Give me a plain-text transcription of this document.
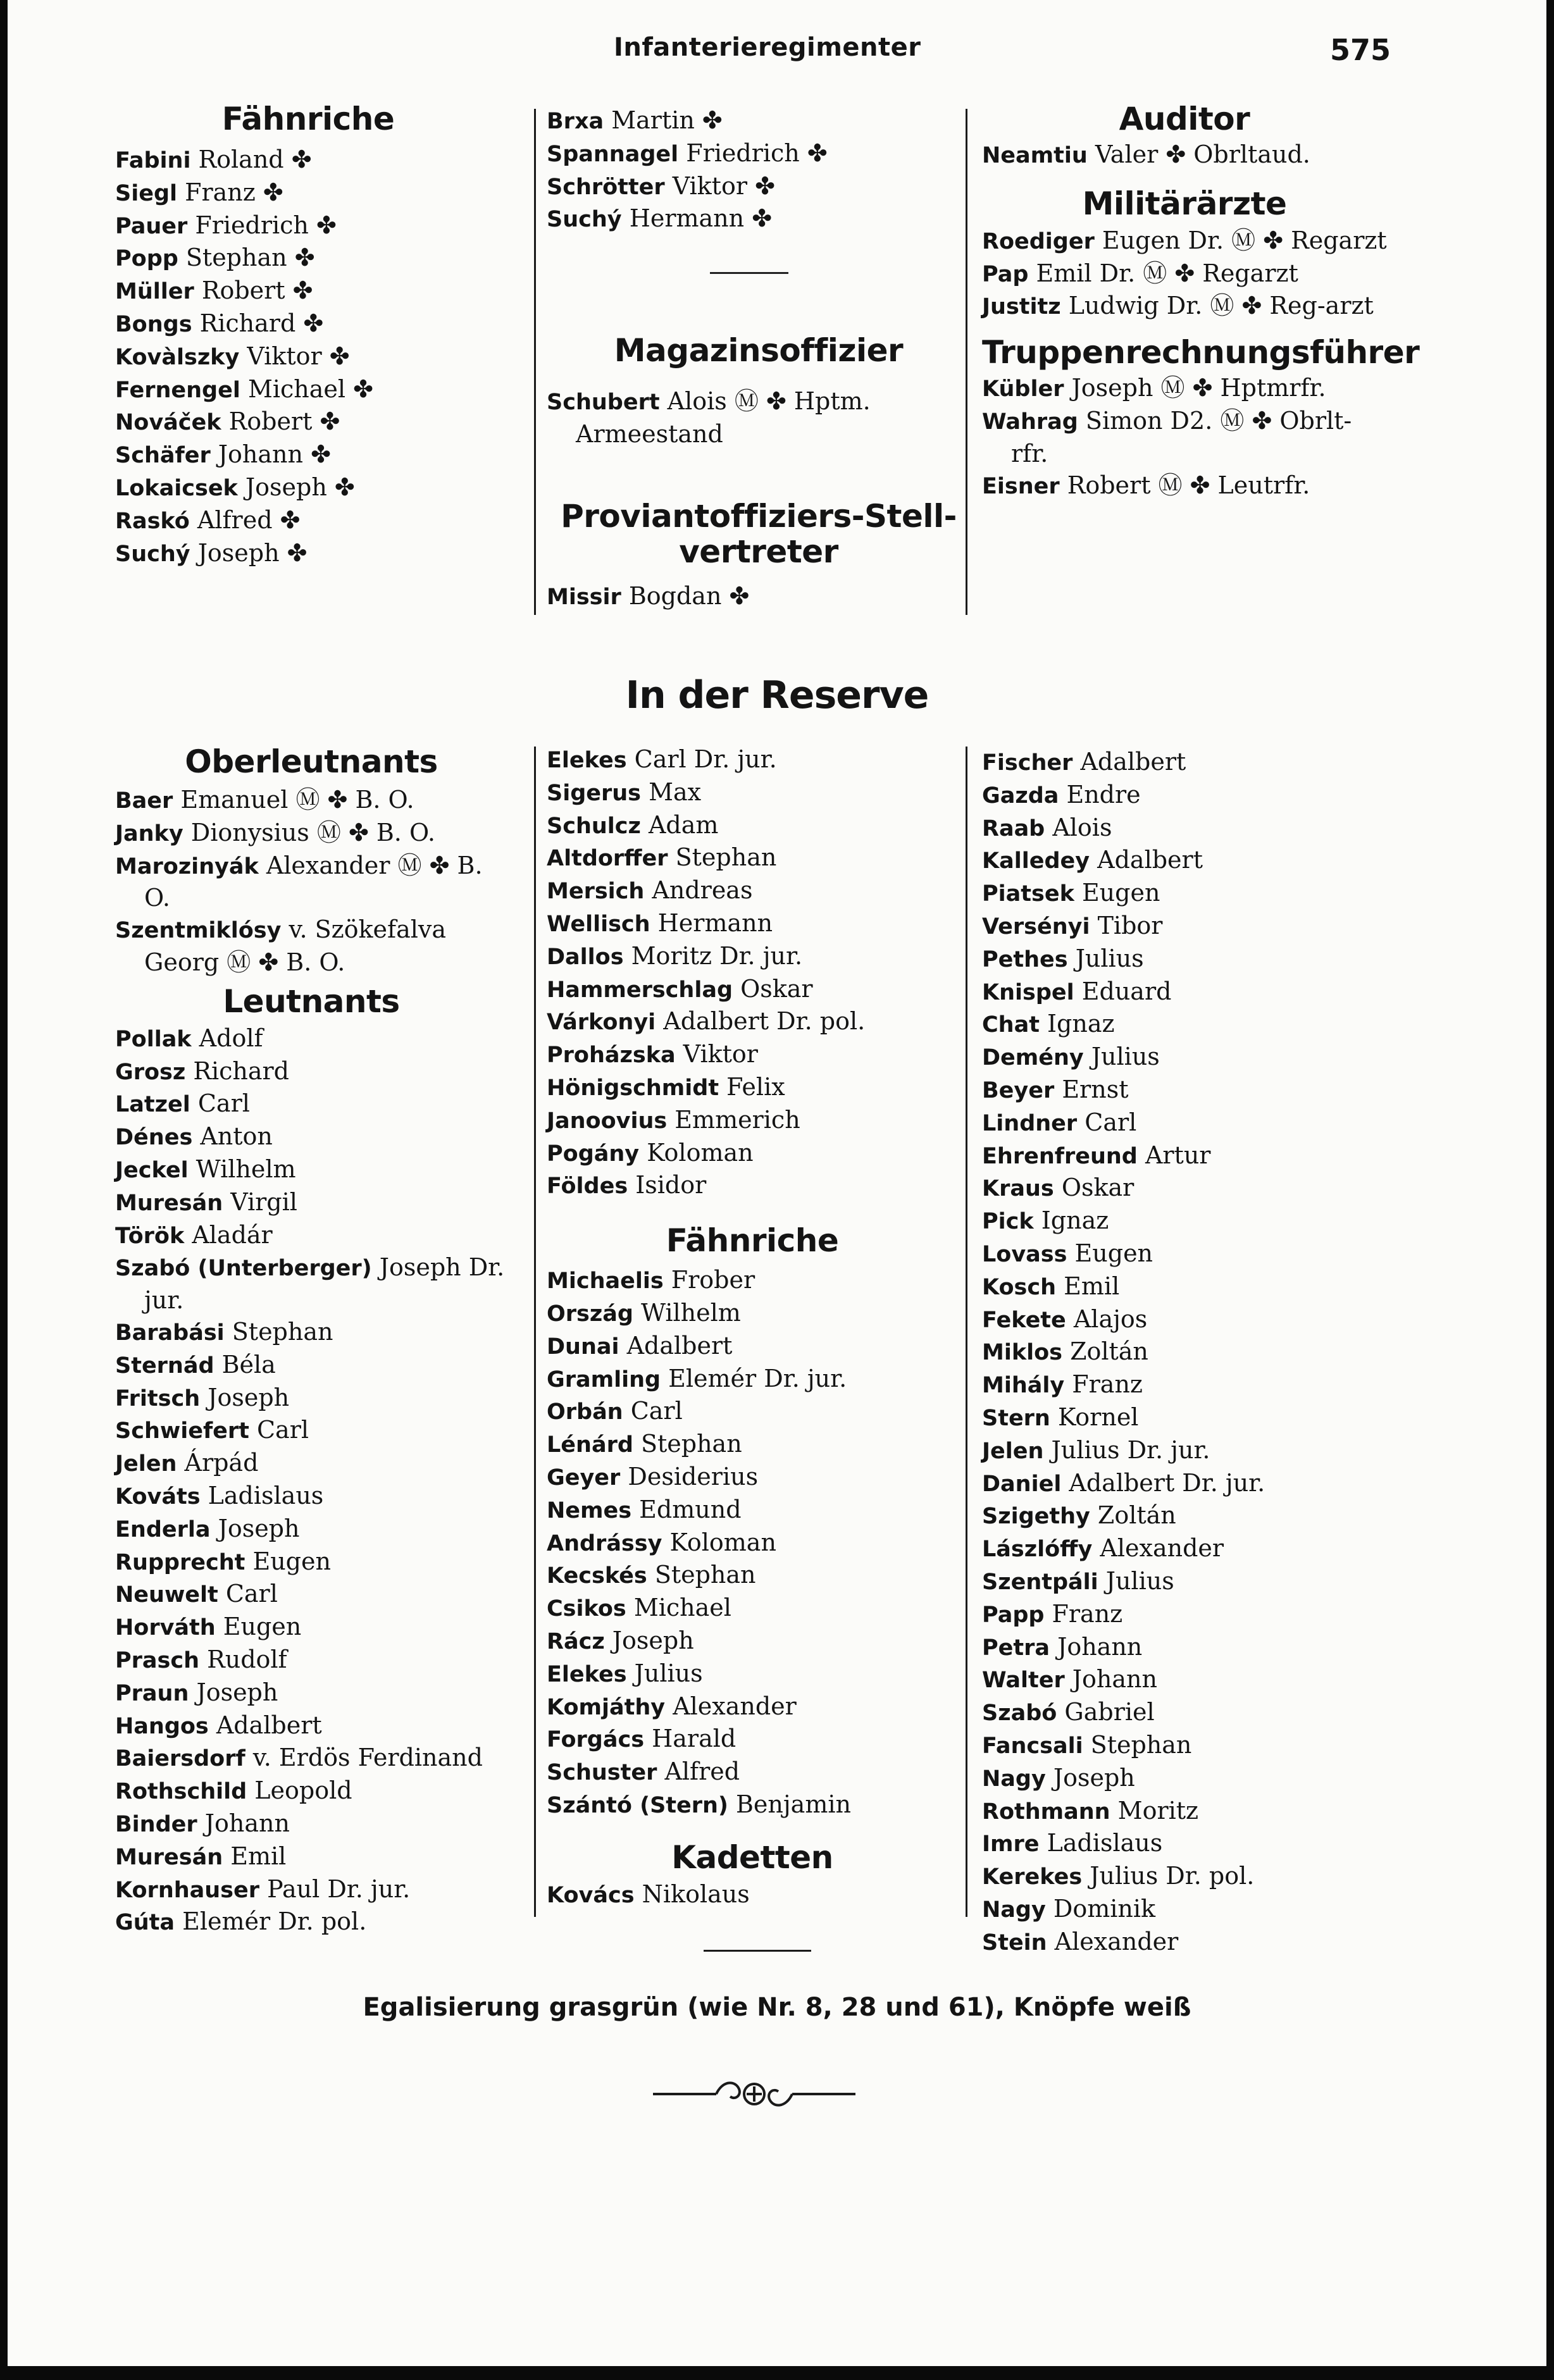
Infanterieregimenter	575
Fähnriche
Fabini Roland ✤
Siegl Franz ✤
Pauer Friedrich ✤
Popp Stephan ✤
Müller Robert ✤
Bongs Richard ✤
Kovàlszky Viktor ✤
Fernengel Michael ✤
Nováček Robert ✤
Schäfer Johann ✤
Lokaicsek Joseph ✤
Raskó Alfred ✤
Suchý Joseph ✤
Brxa Martin ✤
Spannagel Friedrich ✤
Schrötter Viktor ✤
Suchý Hermann ✤
Magazinsoffizier
Schubert Alois Ⓜ ✤ Hptm. Armeestand
Proviantoffiziers-Stell-vertreter
Missir Bogdan ✤
Auditor
Neamtiu Valer ✤ Obrltaud.
Militärärzte
Roediger Eugen Dr. Ⓜ ✤ Regarzt
Pap Emil Dr. Ⓜ ✤ Regarzt
Justitz Ludwig Dr. Ⓜ ✤ Reg-arzt
Truppenrechnungsführer
Kübler Joseph Ⓜ ✤ Hptmrfr.
Wahrag Simon D2. Ⓜ ✤ Obrlt-rfr.
Eisner Robert Ⓜ ✤ Leutrfr.
In der Reserve
Oberleutnants
Baer Emanuel Ⓜ ✤ B. O.
Janky Dionysius Ⓜ ✤ B. O.
Marozinyák Alexander Ⓜ ✤ B. O.
Szentmiklósy v. Szökefalva Georg Ⓜ ✤ B. O.
Leutnants
Pollak Adolf
Grosz Richard
Latzel Carl
Dénes Anton
Jeckel Wilhelm
Muresán Virgil
Török Aladár
Szabó (Unterberger) Joseph Dr. jur.
Barabási Stephan
Sternád Béla
Fritsch Joseph
Schwiefert Carl
Jelen Árpád
Kováts Ladislaus
Enderla Joseph
Rupprecht Eugen
Neuwelt Carl
Horváth Eugen
Prasch Rudolf
Praun Joseph
Hangos Adalbert
Baiersdorf v. Erdös Ferdinand
Rothschild Leopold
Binder Johann
Muresán Emil
Kornhauser Paul Dr. jur.
Gúta Elemér Dr. pol.
Elekes Carl Dr. jur.
Sigerus Max
Schulcz Adam
Altdorffer Stephan
Mersich Andreas
Wellisch Hermann
Dallos Moritz Dr. jur.
Hammerschlag Oskar
Várkonyi Adalbert Dr. pol.
Proházska Viktor
Hönigschmidt Felix
Janoovius Emmerich
Pogány Koloman
Földes Isidor
Fähnriche
Michaelis Frober
Ország Wilhelm
Dunai Adalbert
Gramling Elemér Dr. jur.
Orbán Carl
Lénárd Stephan
Geyer Desiderius
Nemes Edmund
Andrássy Koloman
Kecskés Stephan
Csikos Michael
Rácz Joseph
Elekes Julius
Komjáthy Alexander
Forgács Harald
Schuster Alfred
Szántó (Stern) Benjamin
Kadetten
Kovács Nikolaus
Fischer Adalbert
Gazda Endre
Raab Alois
Kalledey Adalbert
Piatsek Eugen
Versényi Tibor
Pethes Julius
Knispel Eduard
Chat Ignaz
Demény Julius
Beyer Ernst
Lindner Carl
Ehrenfreund Artur
Kraus Oskar
Pick Ignaz
Lovass Eugen
Kosch Emil
Fekete Alajos
Miklos Zoltán
Mihály Franz
Stern Kornel
Jelen Julius Dr. jur.
Daniel Adalbert Dr. jur.
Szigethy Zoltán
Lászlóffy Alexander
Szentpáli Julius
Papp Franz
Petra Johann
Walter Johann
Szabó Gabriel
Fancsali Stephan
Nagy Joseph
Rothmann Moritz
Imre Ladislaus
Kerekes Julius Dr. pol.
Nagy Dominik
Stein Alexander
Egalisierung grasgrün (wie Nr. 8, 28 und 61), Knöpfe weiß
